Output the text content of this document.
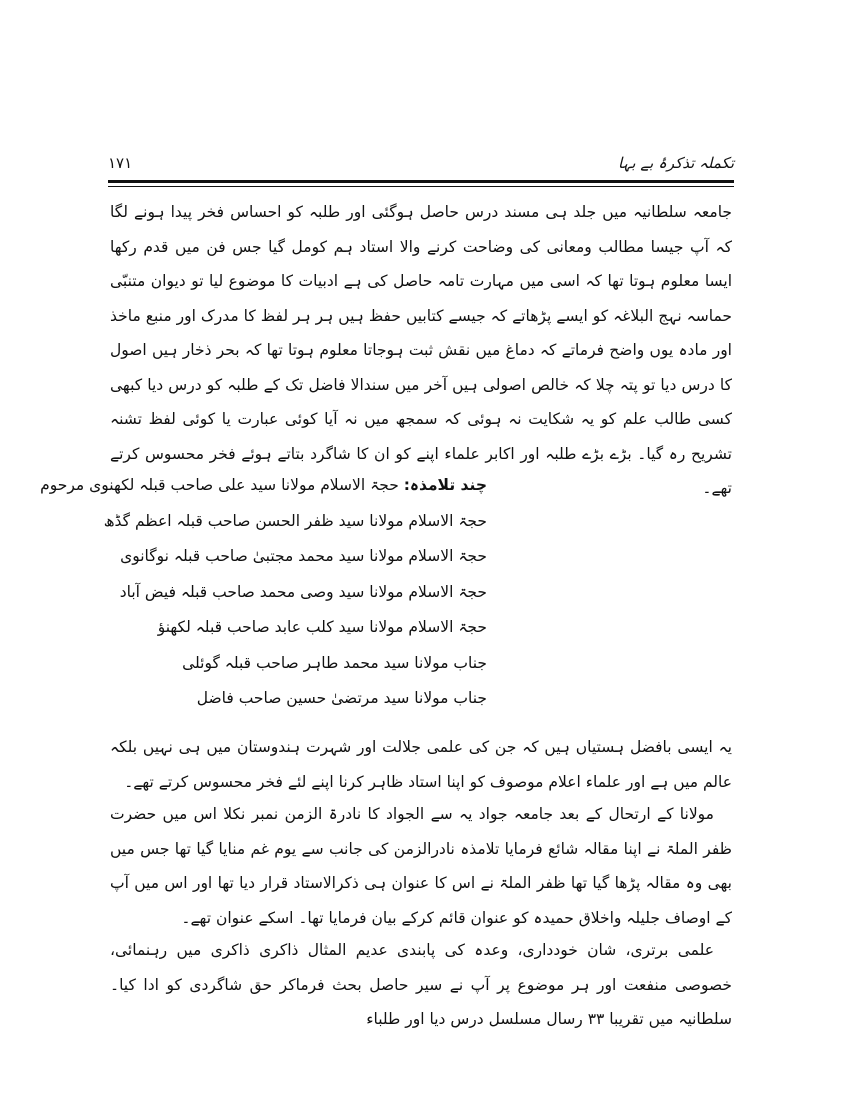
تکملہ تذکرۂ بے بہا
۱۷۱
جامعہ سلطانیہ میں جلد ہی مسند درس حاصل ہوگئی اور طلبہ کو احساس فخر پیدا ہونے لگا کہ آپ جیسا مطالب ومعانی کی وضاحت کرنے والا استاد ہم کومل گیا جس فن میں قدم رکھا ایسا معلوم ہوتا تھا کہ اسی میں مہارت تامہ حاصل کی ہے ادبیات کا موضوع لیا تو دیوان متنبّی حماسہ نہج البلاغہ کو ایسے پڑھاتے کہ جیسے کتابیں حفظ ہیں ہر ہر لفظ کا مدرک اور منبع ماخذ اور مادہ یوں واضح فرماتے کہ دماغ میں نقش ثبت ہوجاتا معلوم ہوتا تھا کہ بحر ذخار ہیں اصول کا درس دیا تو پتہ چلا کہ خالص اصولی ہیں آخر میں سندالا فاضل تک کے طلبہ کو درس دیا کبھی کسی طالب علم کو یہ شکایت نہ ہوئی کہ سمجھ میں نہ آیا کوئی عبارت یا کوئی لفظ تشنہ تشریح رہ گیا۔ بڑے بڑے طلبہ اور اکابر علماء اپنے کو ان کا شاگرد بتاتے ہوئے فخر محسوس کرتے تھے۔
چند تلامذہ: حجۃ الاسلام مولانا سید علی صاحب قبلہ لکھنوی مرحوم
حجۃ الاسلام مولانا سید ظفر الحسن صاحب قبلہ اعظم گڈھ
حجۃ الاسلام مولانا سید محمد مجتبیٰ صاحب قبلہ نوگانوی
حجۃ الاسلام مولانا سید وصی محمد صاحب قبلہ فیض آباد
حجۃ الاسلام مولانا سید کلب عابد صاحب قبلہ لکھنؤ
جناب مولانا سید محمد طاہر صاحب قبلہ گوئلی
جناب مولانا سید مرتضیٰ حسین صاحب فاضل
یہ ایسی بافضل ہستیاں ہیں کہ جن کی علمی جلالت اور شہرت ہندوستان میں ہی نہیں بلکہ عالم میں ہے اور علماء اعلام موصوف کو اپنا استاد ظاہر کرنا اپنے لئے فخر محسوس کرتے تھے۔
مولانا کے ارتحال کے بعد جامعہ جواد یہ سے الجواد کا نادرۃ الزمن نمبر نکلا اس میں حضرت ظفر الملۃ نے اپنا مقالہ شائع فرمایا تلامذہ نادرالزمن کی جانب سے یوم غم منایا گیا تھا جس میں بھی وہ مقالہ پڑھا گیا تھا ظفر الملۃ نے اس کا عنوان ہی ذکرالاستاد قرار دیا تھا اور اس میں آپ کے اوصاف جلیلہ واخلاق حمیدہ کو عنوان قائم کرکے بیان فرمایا تھا۔ اسکے عنوان تھے۔
علمی برتری، شان خودداری، وعدہ کی پابندی عدیم المثال ذاکری ذاکری میں رہنمائی، خصوصی منفعت اور ہر موضوع پر آپ نے سیر حاصل بحث فرماکر حق شاگردی کو ادا کیا۔ سلطانیہ میں تقریبا ۳۳ رسال مسلسل درس دیا اور طلباء
